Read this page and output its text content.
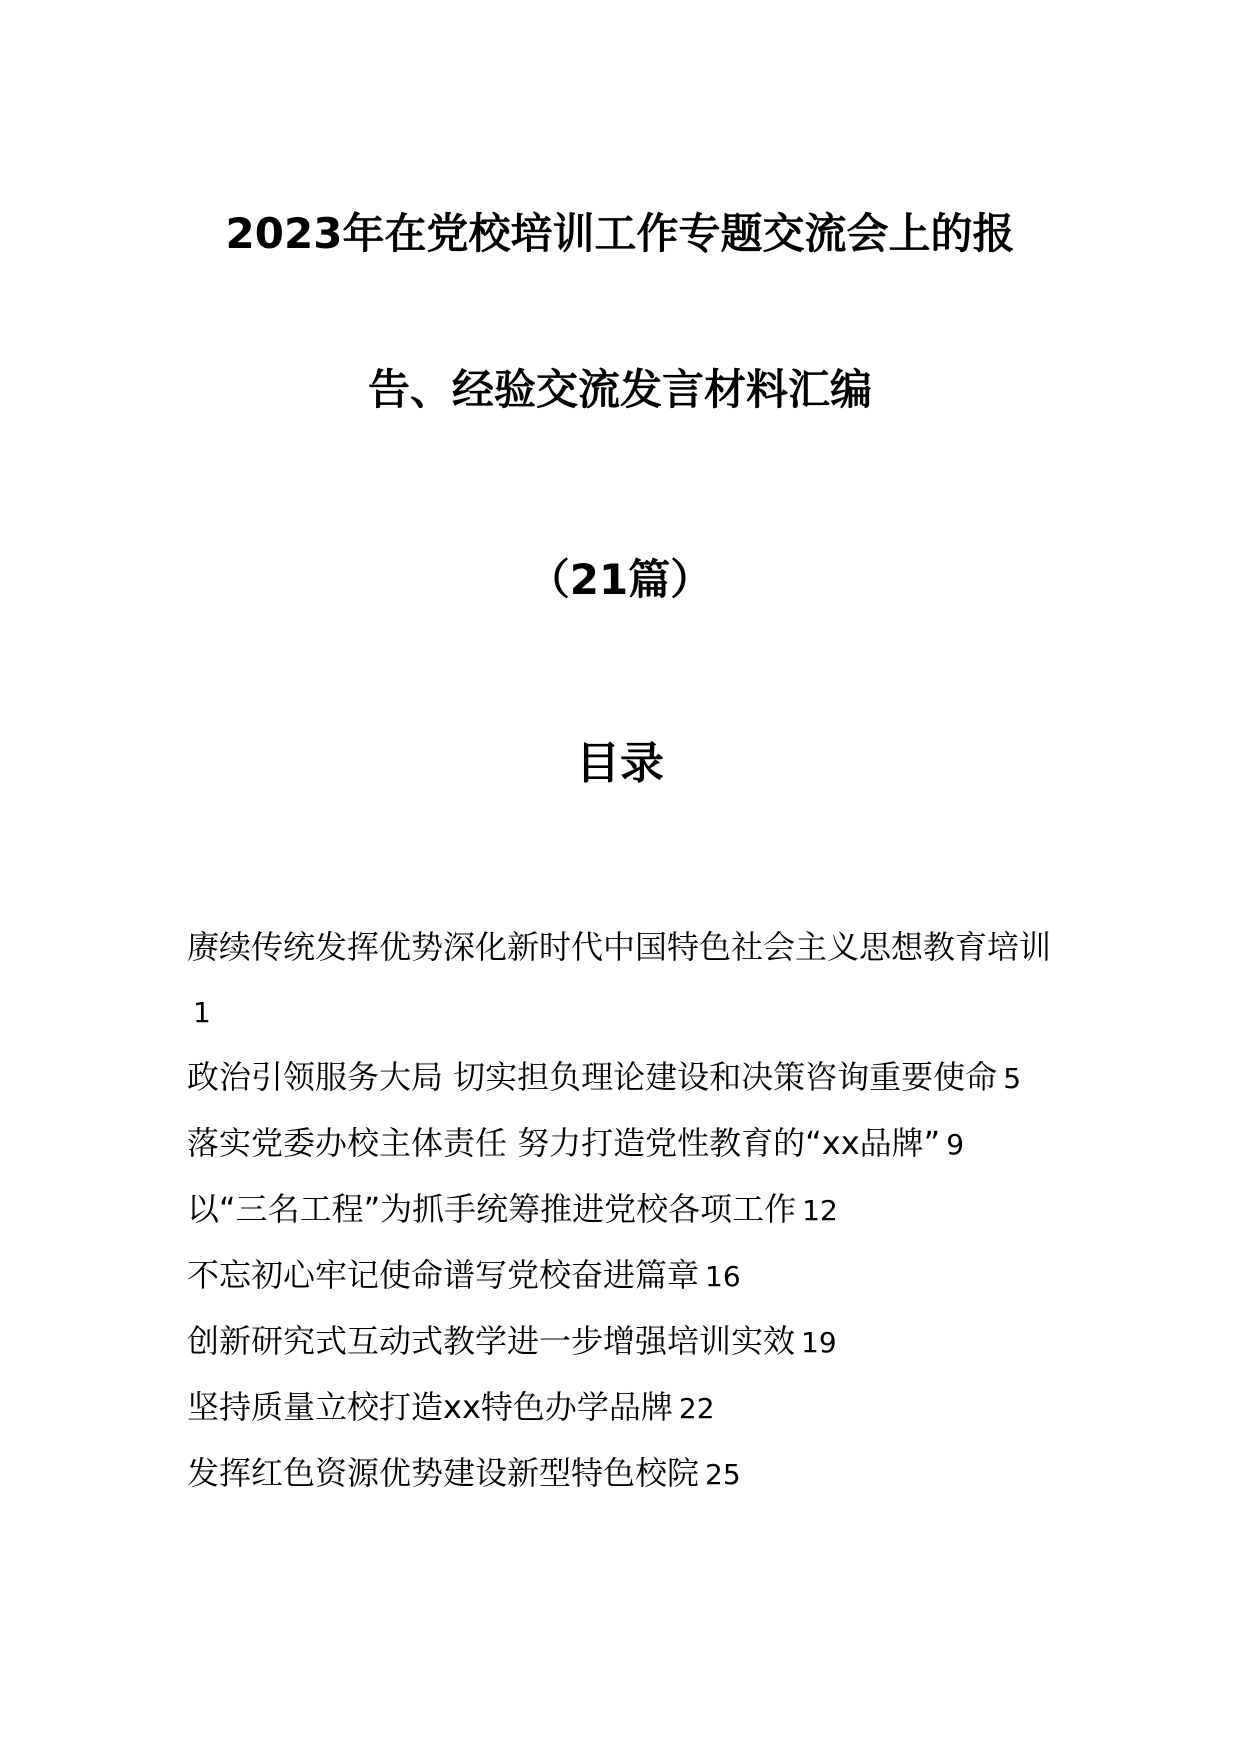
2023年在党校培训工作专题交流会上的报
告、经验交流发言材料汇编
（21篇）
目录
赓续传统发挥优势深化新时代中国特色社会主义思想教育培训1
政治引领服务大局 切实担负理论建设和决策咨询重要使命 5
落实党委办校主体责任 努力打造党性教育的“xx品牌” 9
以“三名工程”为抓手统筹推进党校各项工作 12
不忘初心牢记使命谱写党校奋进篇章 16
创新研究式互动式教学进一步增强培训实效 19
坚持质量立校打造xx特色办学品牌 22
发挥红色资源优势建设新型特色校院 25
